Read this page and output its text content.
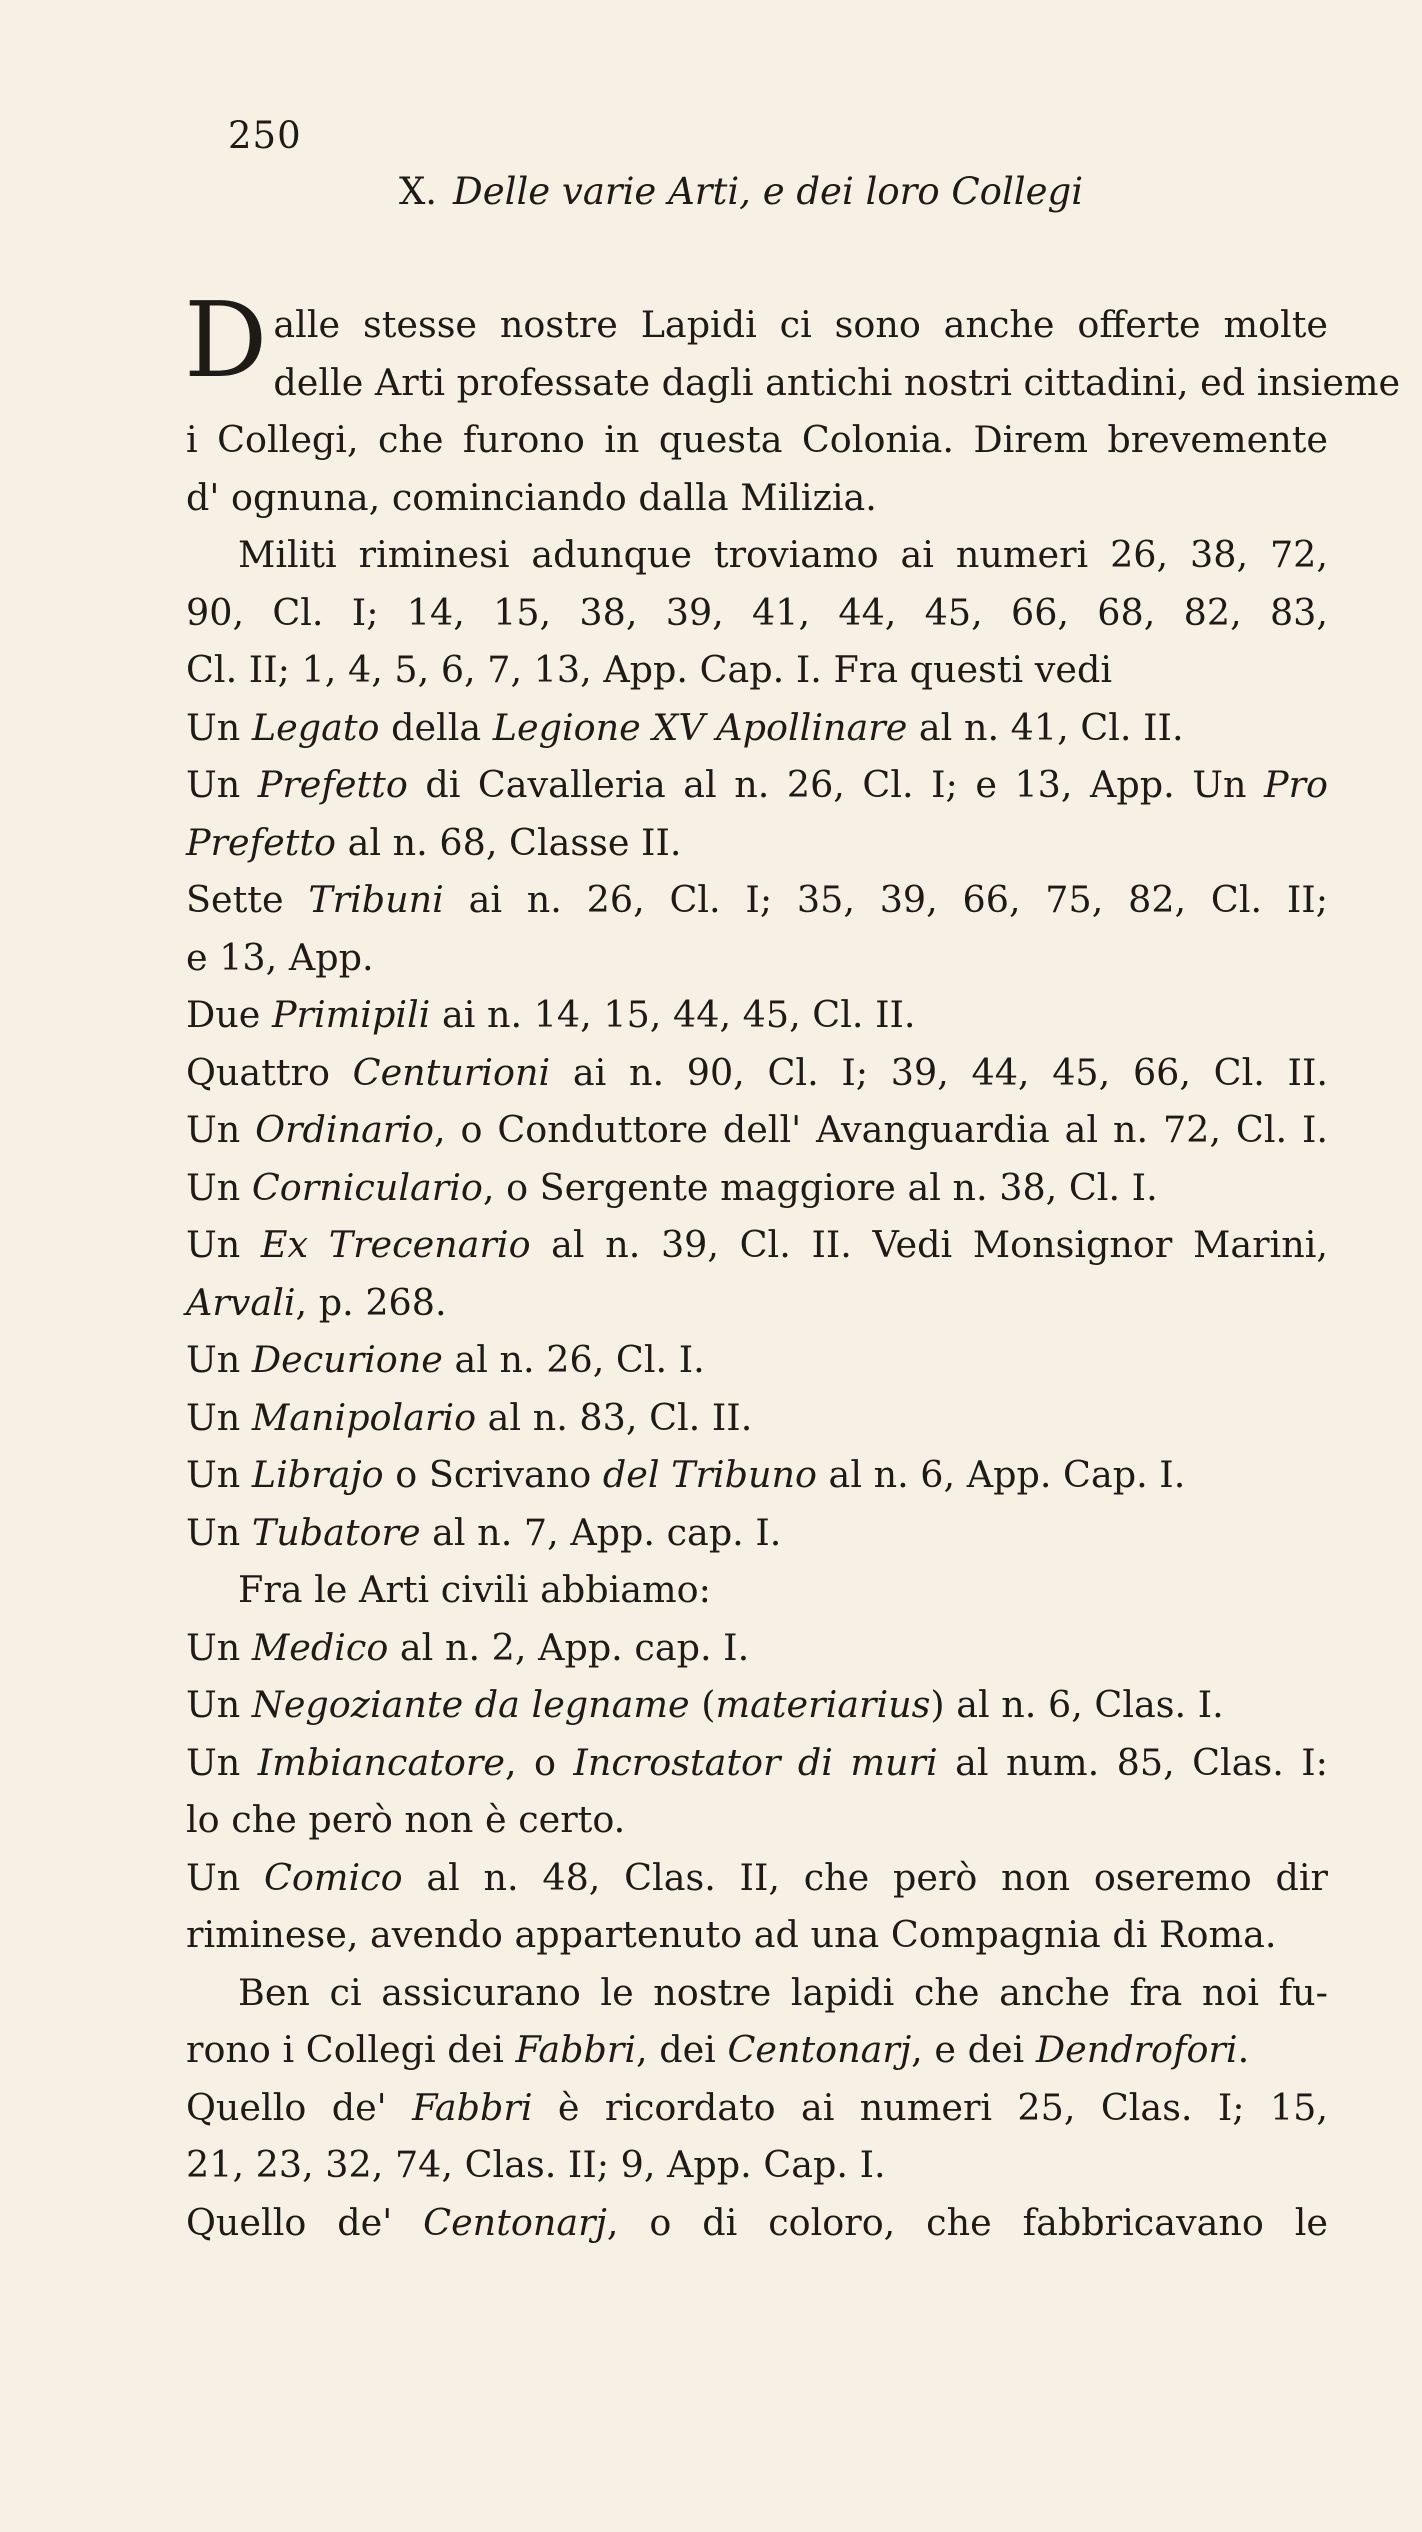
250
X. Delle varie Arti, e dei loro Collegi
Dalle stesse nostre Lapidi ci sono anche offerte molte
delle Arti professate dagli antichi nostri cittadini, ed insieme
i Collegi, che furono in questa Colonia. Direm brevemente
d' ognuna, cominciando dalla Milizia.
Militi riminesi adunque troviamo ai numeri 26, 38, 72,
90, Cl. I; 14, 15, 38, 39, 41, 44, 45, 66, 68, 82, 83,
Cl. II; 1, 4, 5, 6, 7, 13, App. Cap. I. Fra questi vedi
Un Legato della Legione XV Apollinare al n. 41, Cl. II.
Un Prefetto di Cavalleria al n. 26, Cl. I; e 13, App. Un Pro
Prefetto al n. 68, Classe II.
Sette Tribuni ai n. 26, Cl. I; 35, 39, 66, 75, 82, Cl. II;
e 13, App.
Due Primipili ai n. 14, 15, 44, 45, Cl. II.
Quattro Centurioni ai n. 90, Cl. I; 39, 44, 45, 66, Cl. II.
Un Ordinario, o Conduttore dell' Avanguardia al n. 72, Cl. I.
Un Corniculario, o Sergente maggiore al n. 38, Cl. I.
Un Ex Trecenario al n. 39, Cl. II. Vedi Monsignor Marini,
Arvali, p. 268.
Un Decurione al n. 26, Cl. I.
Un Manipolario al n. 83, Cl. II.
Un Librajo o Scrivano del Tribuno al n. 6, App. Cap. I.
Un Tubatore al n. 7, App. cap. I.
Fra le Arti civili abbiamo:
Un Medico al n. 2, App. cap. I.
Un Negoziante da legname (materiarius) al n. 6, Clas. I.
Un Imbiancatore, o Incrostator di muri al num. 85, Clas. I:
lo che però non è certo.
Un Comico al n. 48, Clas. II, che però non oseremo dir
riminese, avendo appartenuto ad una Compagnia di Roma.
Ben ci assicurano le nostre lapidi che anche fra noi fu-
rono i Collegi dei Fabbri, dei Centonarj, e dei Dendrofori.
Quello de' Fabbri è ricordato ai numeri 25, Clas. I; 15,
21, 23, 32, 74, Clas. II; 9, App. Cap. I.
Quello de' Centonarj, o di coloro, che fabbricavano le
